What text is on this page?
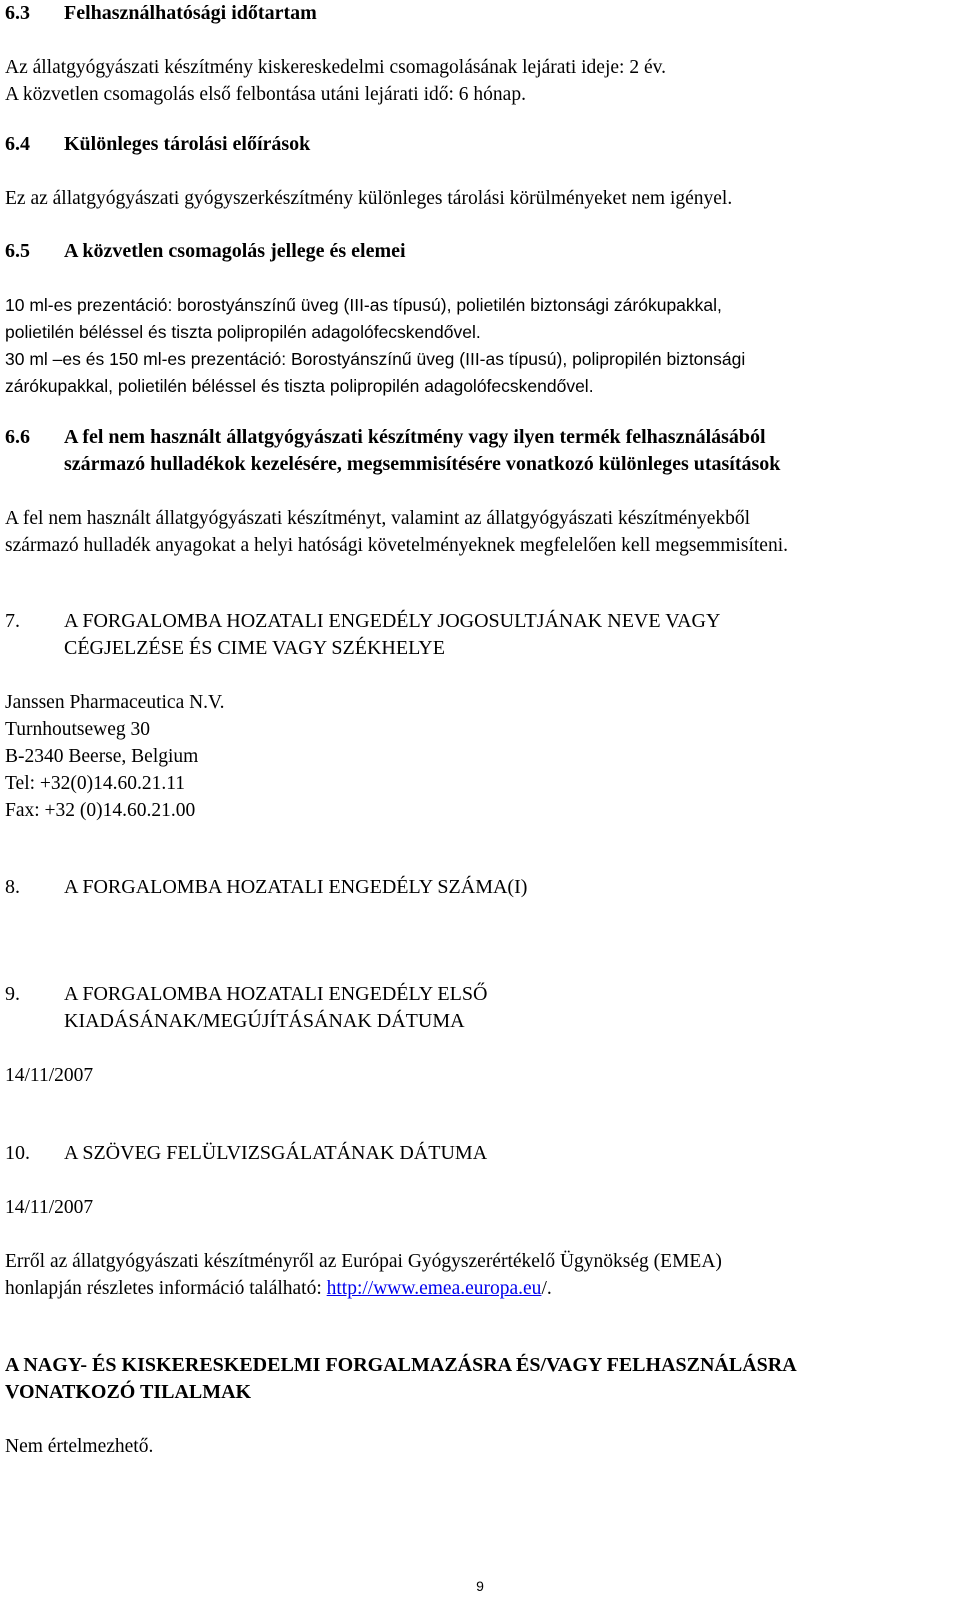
6.3	Felhasználhatósági időtartam
Az állatgyógyászati készítmény kiskereskedelmi csomagolásának lejárati ideje: 2 év.
A közvetlen csomagolás első felbontása utáni lejárati idő: 6 hónap.
6.4	Különleges tárolási előírások
Ez az állatgyógyászati gyógyszerkészítmény különleges tárolási körülményeket nem igényel.
6.5	A közvetlen csomagolás jellege és elemei
10 ml-es prezentáció: borostyánszínű üveg (III-as típusú), polietilén biztonsági zárókupakkal,
polietilén béléssel és tiszta polipropilén adagolófecskendővel.
30 ml –es és 150 ml-es prezentáció: Borostyánszínű üveg (III-as típusú), polipropilén biztonsági
zárókupakkal, polietilén béléssel és tiszta polipropilén adagolófecskendővel.
6.6	A fel nem használt állatgyógyászati készítmény vagy ilyen termék felhasználásából
származó hulladékok kezelésére, megsemmisítésére vonatkozó különleges utasítások
A fel nem használt állatgyógyászati készítményt, valamint az állatgyógyászati készítményekből
származó hulladék anyagokat a helyi hatósági követelményeknek megfelelően kell megsemmisíteni.
7.	A FORGALOMBA HOZATALI ENGEDÉLY JOGOSULTJÁNAK NEVE VAGY
CÉGJELZÉSE ÉS CIME VAGY SZÉKHELYE
Janssen Pharmaceutica N.V.
Turnhoutseweg 30
B-2340 Beerse, Belgium
Tel: +32(0)14.60.21.11
Fax: +32 (0)14.60.21.00
8.	A FORGALOMBA HOZATALI ENGEDÉLY SZÁMA(I)
9.	A FORGALOMBA HOZATALI ENGEDÉLY ELSŐ
KIADÁSÁNAK/MEGÚJÍTÁSÁNAK DÁTUMA
14/11/2007
10.	A SZÖVEG FELÜLVIZSGÁLATÁNAK DÁTUMA
14/11/2007
Erről az állatgyógyászati készítményről az Európai Gyógyszerértékelő Ügynökség (EMEA)
honlapján részletes információ található: http://www.emea.europa.eu/.
A NAGY- ÉS KISKERESKEDELMI FORGALMAZÁSRA ÉS/VAGY FELHASZNÁLÁSRA
VONATKOZÓ TILALMAK
Nem értelmezhető.
9
